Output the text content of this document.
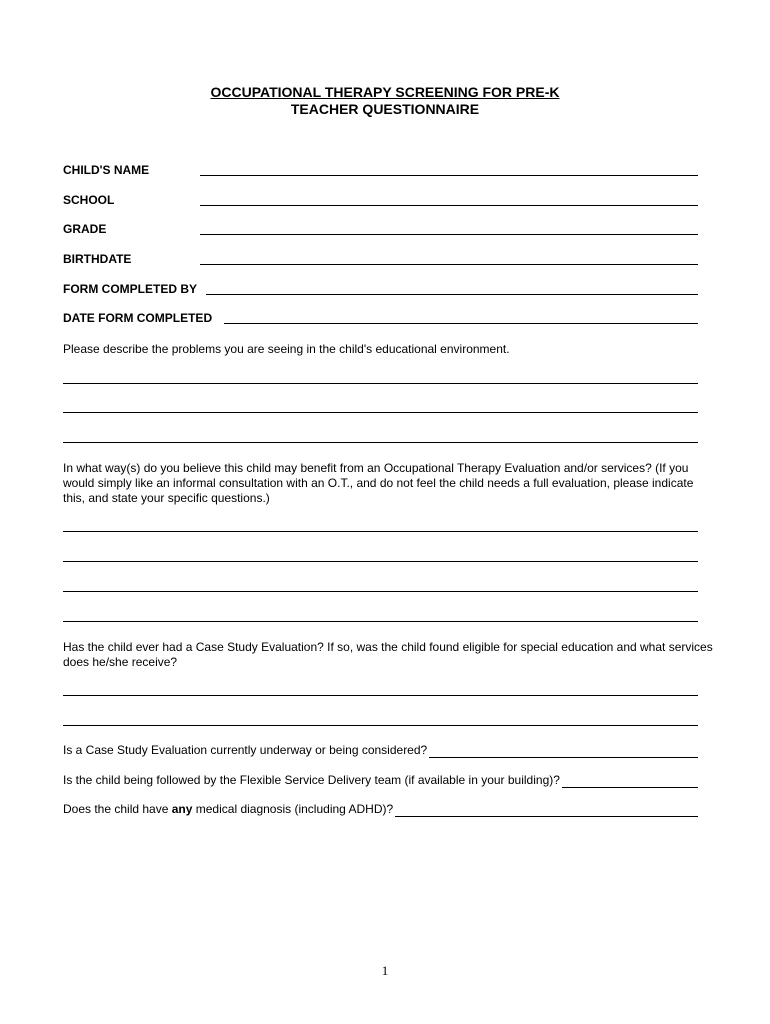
OCCUPATIONAL THERAPY SCREENING FOR PRE-K
TEACHER QUESTIONNAIRE
CHILD'S NAME
SCHOOL
GRADE
BIRTHDATE
FORM COMPLETED BY
DATE FORM COMPLETED
Please describe the problems you are seeing in the child's educational environment.
In what way(s) do you believe this child may benefit from an Occupational Therapy Evaluation and/or services? (If you would simply like an informal consultation with an O.T., and do not feel the child needs a full evaluation, please indicate this, and state your specific questions.)
Has the child ever had a Case Study Evaluation? If so, was the child found eligible for special education and what services does he/she receive?
Is a Case Study Evaluation currently underway or being considered?
Is the child being followed by the Flexible Service Delivery team (if available in your building)?
Does the child have any medical diagnosis (including ADHD)?
1
